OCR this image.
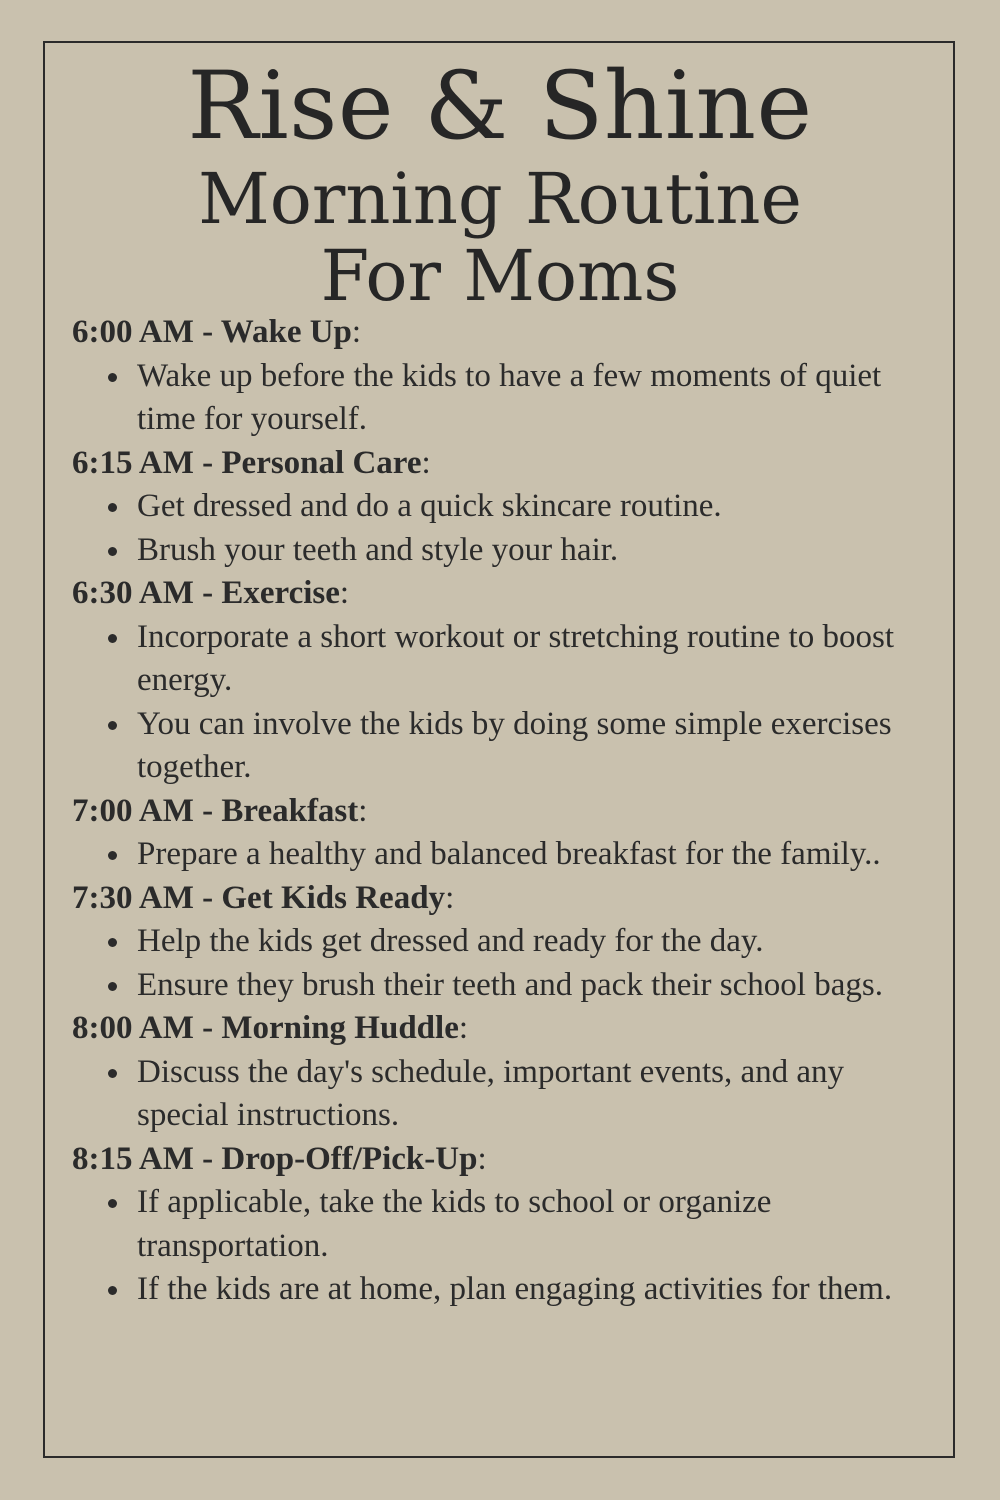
Rise & Shine
Morning Routine
For Moms
6:00 AM - Wake Up:
Wake up before the kids to have a few moments of quiet time for yourself.
6:15 AM - Personal Care:
Get dressed and do a quick skincare routine.
Brush your teeth and style your hair.
6:30 AM - Exercise:
Incorporate a short workout or stretching routine to boost energy.
You can involve the kids by doing some simple exercises together.
7:00 AM - Breakfast:
Prepare a healthy and balanced breakfast for the family..
7:30 AM - Get Kids Ready:
Help the kids get dressed and ready for the day.
Ensure they brush their teeth and pack their school bags.
8:00 AM - Morning Huddle:
Discuss the day's schedule, important events, and any special instructions.
8:15 AM - Drop-Off/Pick-Up:
If applicable, take the kids to school or organize transportation.
If the kids are at home, plan engaging activities for them.
